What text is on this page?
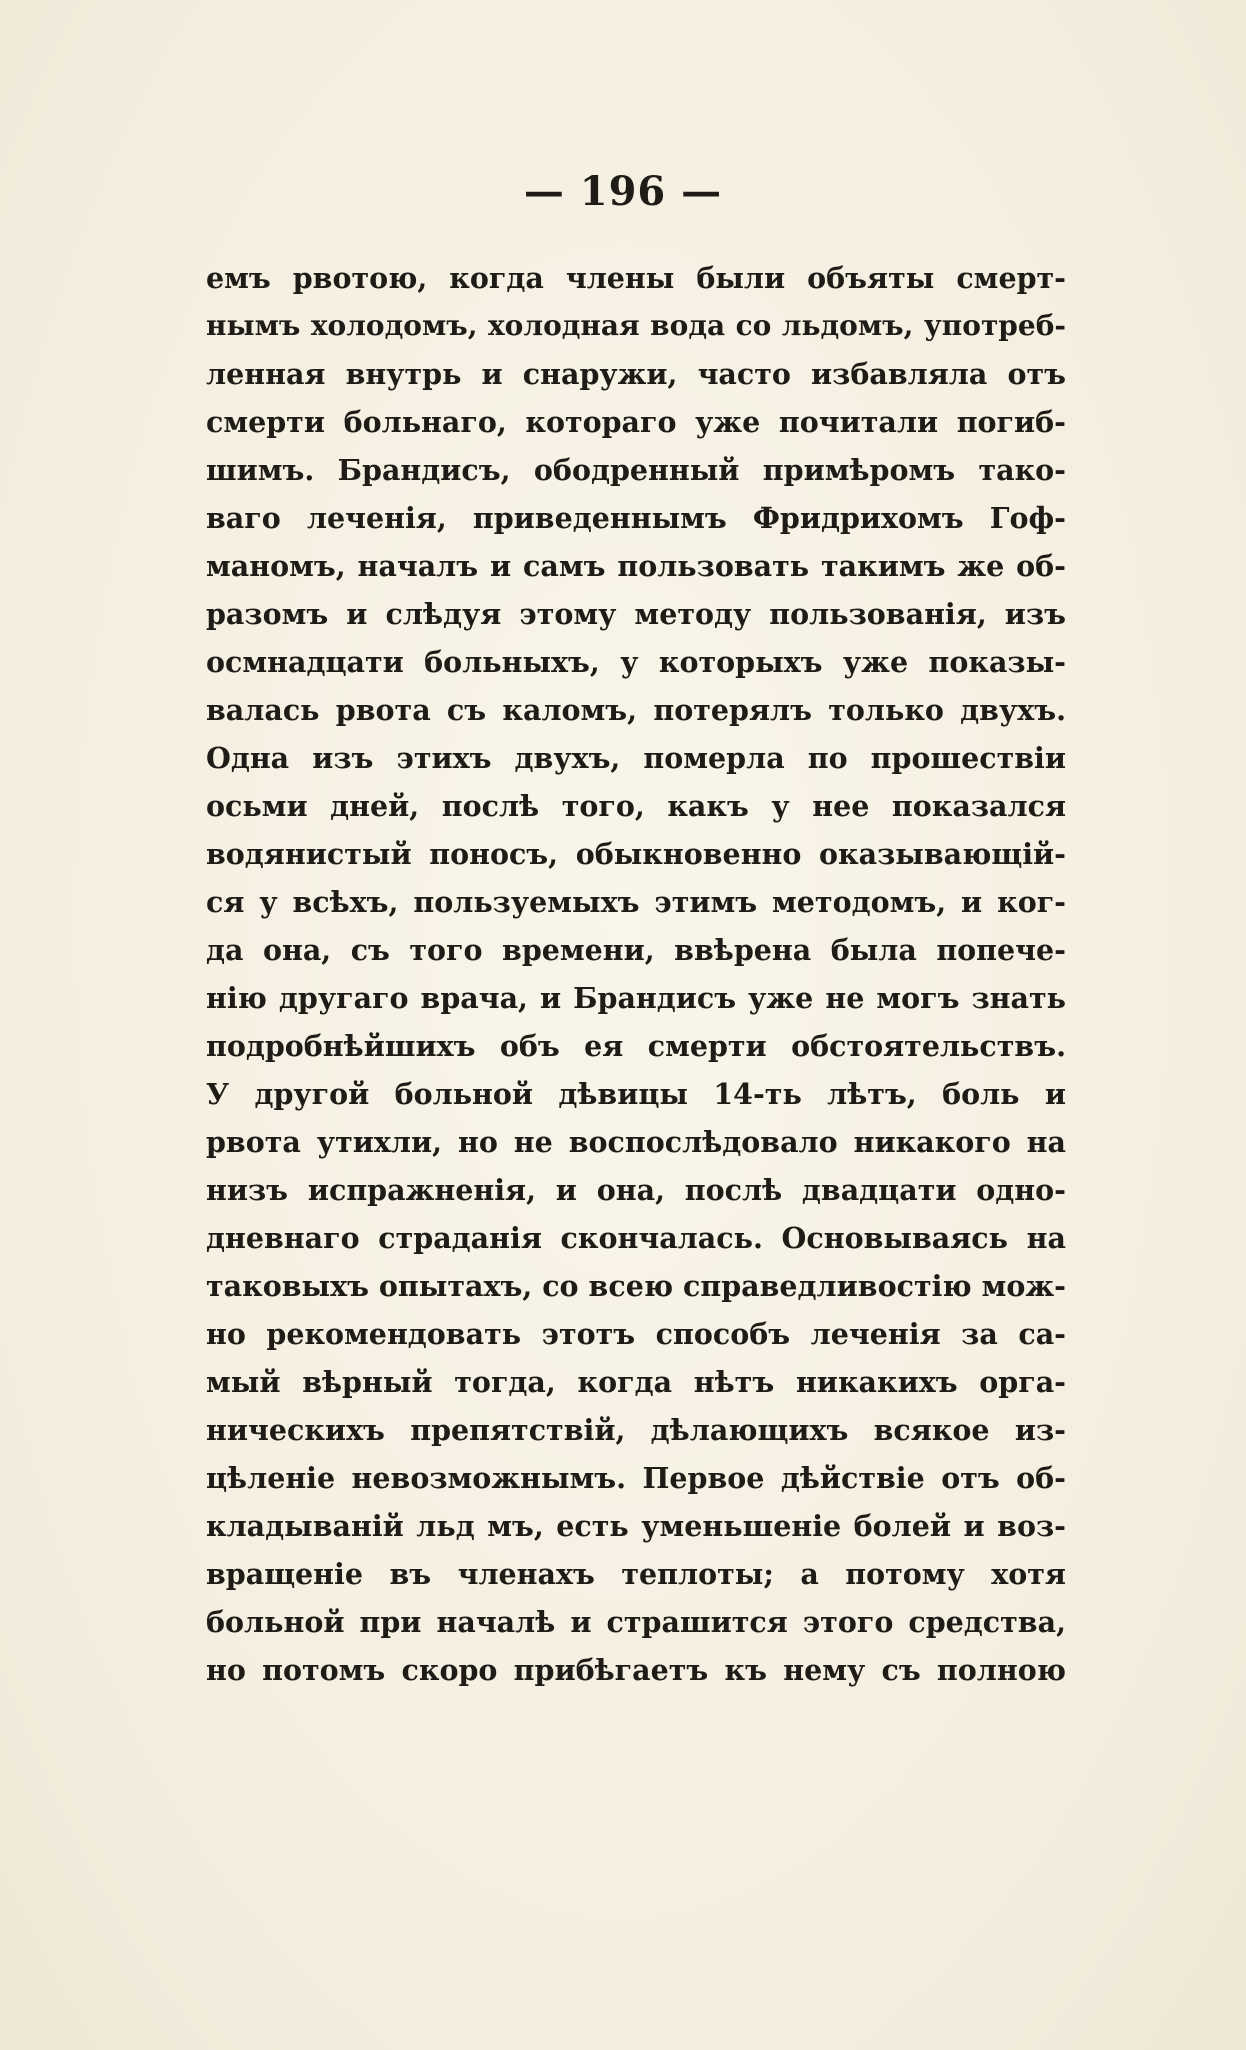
— 196 —
емъ рвотою, когда члены были объяты смерт-
нымъ холодомъ, холодная вода со льдомъ, употреб-
ленная внутрь и снаружи, часто избавляла отъ
смерти больнаго, котораго уже почитали погиб-
шимъ. Брандисъ, ободренный примѣромъ тако-
ваго леченія, приведеннымъ Фридрихомъ Гоф-
маномъ, началъ и самъ пользовать такимъ же об-
разомъ и слѣдуя этому методу пользованія, изъ
осмнадцати больныхъ, у которыхъ уже показы-
валась рвота съ каломъ, потерялъ только двухъ.
Одна изъ этихъ двухъ, померла по прошествіи
осьми дней, послѣ того, какъ у нее показался
водянистый поносъ, обыкновенно оказывающій-
ся у всѣхъ, пользуемыхъ этимъ методомъ, и ког-
да она, съ того времени, ввѣрена была попече-
нію другаго врача, и Брандисъ уже не могъ знать
подробнѣйшихъ объ ея смерти обстоятельствъ.
У другой больной дѣвицы 14-ть лѣтъ, боль и
рвота утихли, но не воспослѣдовало никакого на
низъ испражненія, и она, послѣ двадцати одно-
дневнаго страданія скончалась. Основываясь на
таковыхъ опытахъ, со всею справедливостію мож-
но рекомендовать этотъ способъ леченія за са-
мый вѣрный тогда, когда нѣтъ никакихъ орга-
ническихъ препятствій, дѣлающихъ всякое из-
цѣленіе невозможнымъ. Первое дѣйствіе отъ об-
кладываній льд мъ, есть уменьшеніе болей и воз-
вращеніе въ членахъ теплоты; а потому хотя
больной при началѣ и страшится этого средства,
но потомъ скоро прибѣгаетъ къ нему съ полною
